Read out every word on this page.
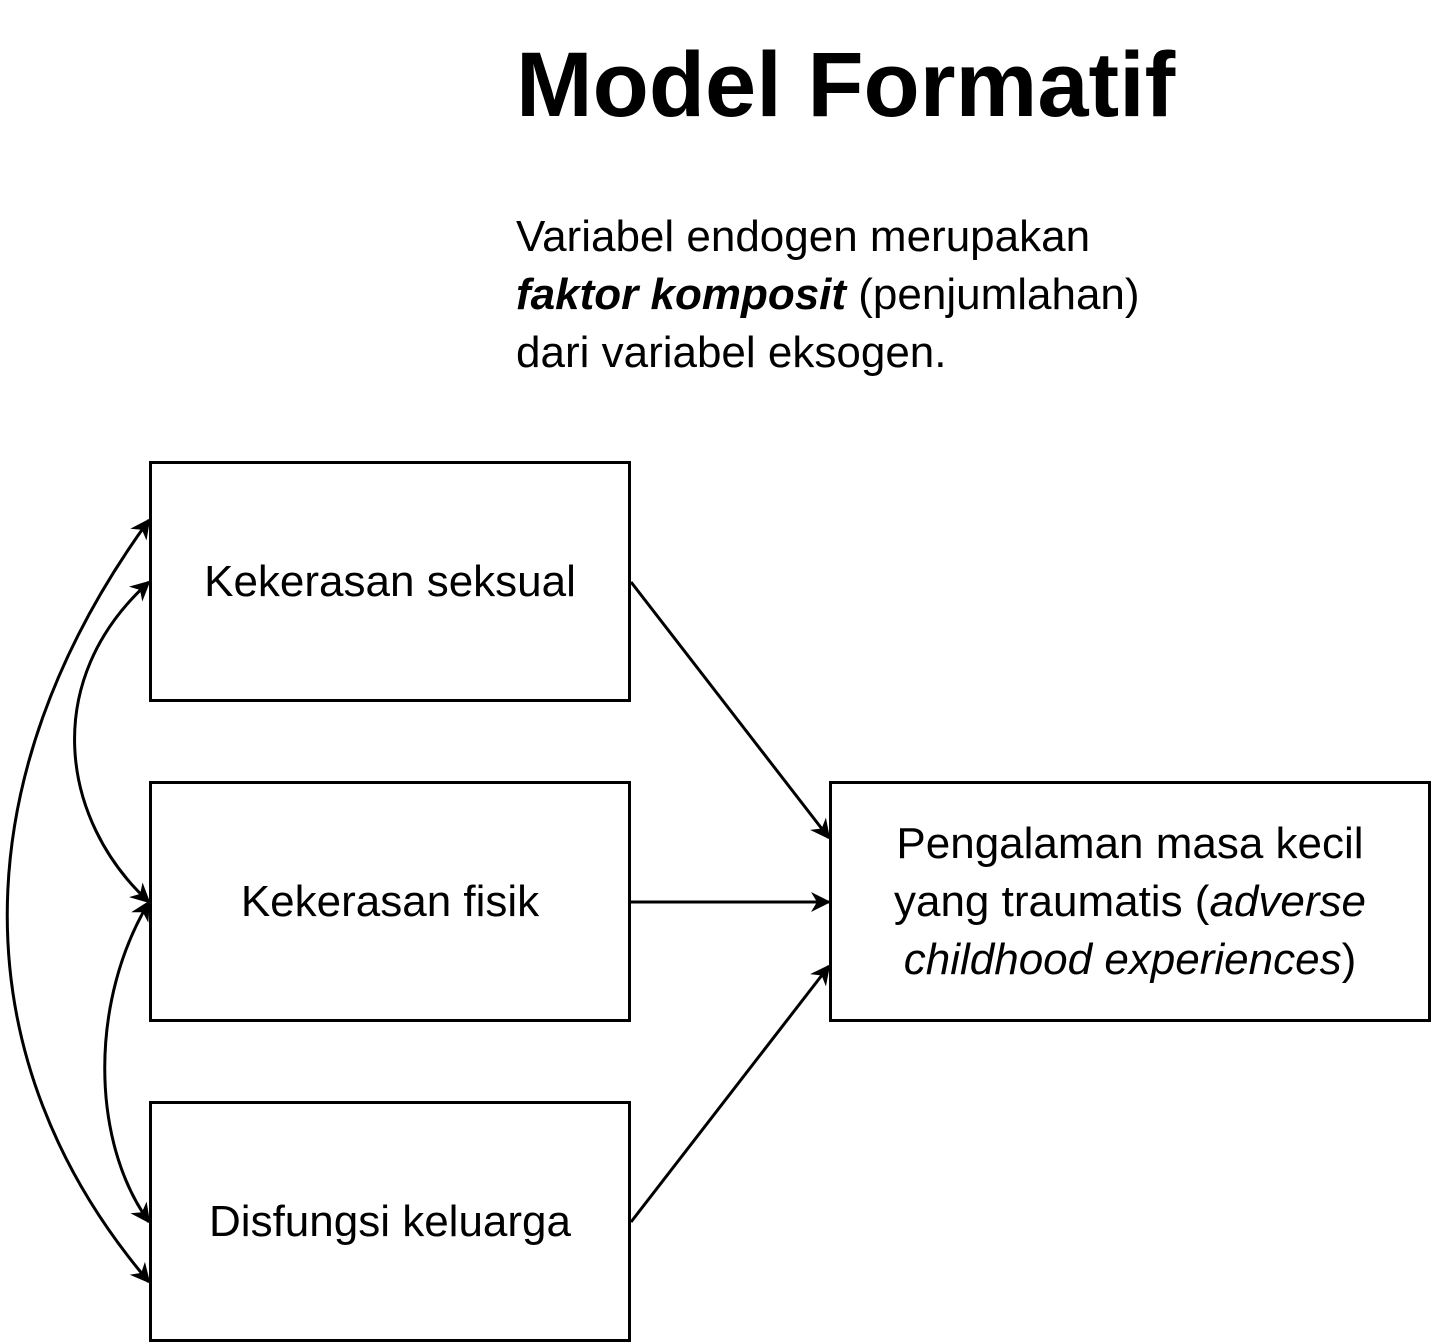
Model Formatif

Variabel endogen merupakan
faktor komposit (penjumlahan)
dari variabel eksogen.

Kekerasan seksual
Kekerasan fisik
Disfungsi keluarga
Pengalaman masa kecil
yang traumatis (adverse
childhood experiences)
